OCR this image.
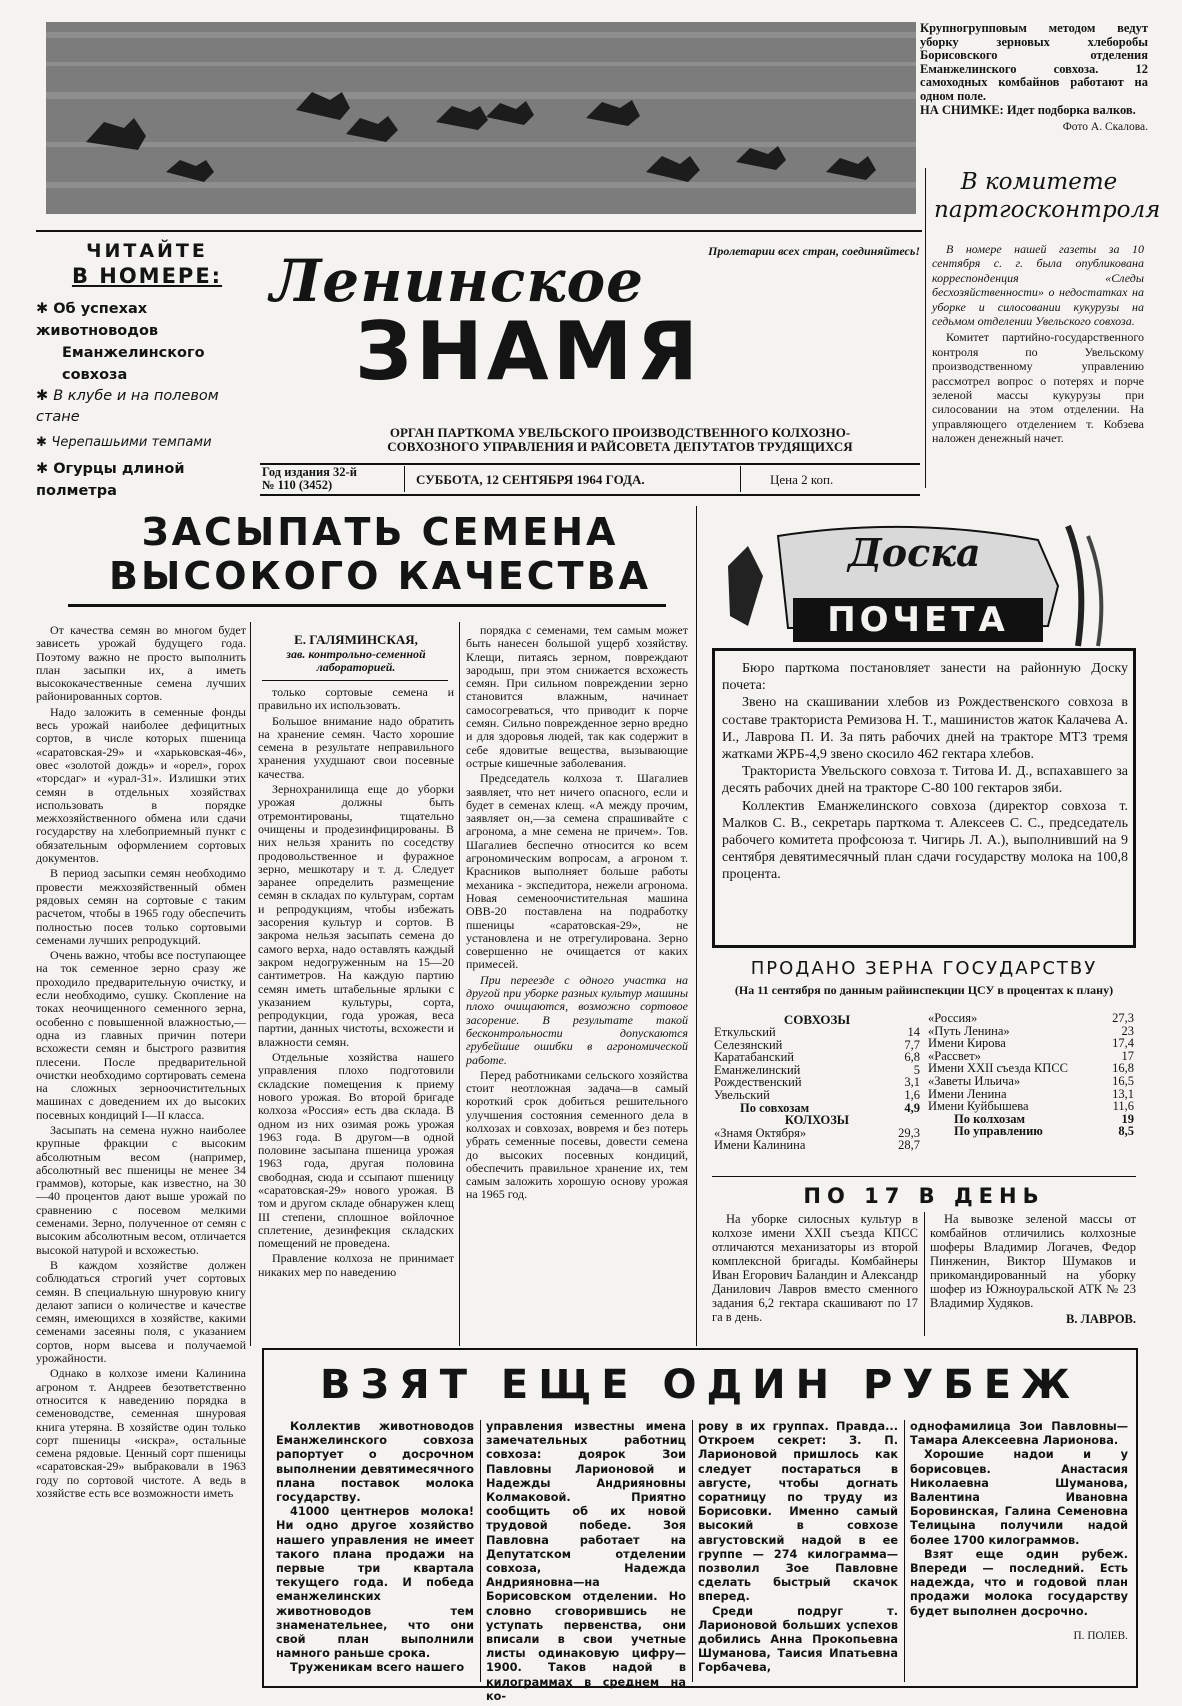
Крупногрупповым методом ведут уборку зерновых хлеборобы Борисовского отделения Еманжелинского совхоза. 12 самоходных комбайнов работают на одном поле.
НА СНИМКЕ: Идет подборка валков.
Фото А. Скалова.
В комитете
партгосконтроля

В номере нашей газеты за 10 сентября с. г. была опубликована корреспонденция «Следы бесхозяйственности» о недостатках на уборке и силосовании кукурузы на седьмом отделении Увельского совхоза.

Комитет партийно-государственного контроля по Увельскому производственному управлению рассмотрел вопрос о потерях и порче зеленой массы кукурузы при силосовании на этом отделении. На управляющего отделением т. Кобзева наложен денежный начет.

ЧИТАЙТЕ
В НОМЕРЕ:
✱ Об успехах животноводов
Еманжелинского совхоза
✱ В клубе и на полевом стане
✱ Черепашьими темпами
✱ Огурцы длиной полметра
Пролетарии всех стран, соединяйтесь!
Ленинское
ЗНАМЯ
ОРГАН ПАРТКОМА УВЕЛЬСКОГО ПРОИЗВОДСТВЕННОГО КОЛХОЗНО-
СОВХОЗНОГО УПРАВЛЕНИЯ И РАЙСОВЕТА ДЕПУТАТОВ ТРУДЯЩИХСЯ
Год издания 32-й
№ 110 (3452)	СУББОТА, 12 СЕНТЯБРЯ 1964 ГОДА.	Цена 2 коп.
ЗАСЫПАТЬ СЕМЕНА
ВЫСОКОГО КАЧЕСТВА

От качества семян во многом будет зависеть урожай будущего года. Поэтому важно не просто выполнить план засыпки их, а иметь высококачественные семена лучших районированных сортов.

Надо заложить в семенные фонды весь урожай наиболее дефицитных сортов, в числе которых пшеница «саратовская-29» и «харьковская-46», овес «золотой дождь» и «орел», горох «торсдаг» и «урал-31». Излишки этих семян в отдельных хозяйствах использовать в порядке межхозяйственного обмена или сдачи государству на хлебоприемный пункт с обязательным оформлением сортовых документов.

В период засыпки семян необходимо провести межхозяйственный обмен рядовых семян на сортовые с таким расчетом, чтобы в 1965 году обеспечить полностью посев только сортовыми семенами лучших репродукций.

Очень важно, чтобы все поступающее на ток семенное зерно сразу же проходило предварительную очистку, и если необходимо, сушку. Скопление на токах неочищенного семенного зерна, особенно с повышенной влажностью,—одна из главных причин потери всхожести семян и быстрого развития плесени. После предварительной очистки необходимо сортировать семена на сложных зерноочистительных машинах с доведением их до высоких посевных кондиций I—II класса.

Засыпать на семена нужно наиболее крупные фракции с высоким абсолютным весом (например, абсолютный вес пшеницы не менее 34 граммов), которые, как известно, на 30—40 процентов дают выше урожай по сравнению с посевом мелкими семенами. Зерно, полученное от семян с высоким абсолютным весом, отличается высокой натурой и всхожестью.

В каждом хозяйстве должен соблюдаться строгий учет сортовых семян. В специальную шнуровую книгу делают записи о количестве и качестве семян, имеющихся в хозяйстве, какими семенами засеяны поля, с указанием сортов, норм высева и получаемой урожайности.

Однако в колхозе имени Калинина агроном т. Андреев безответственно относится к наведению порядка в семеноводстве, семенная шнуровая книга утеряна. В хозяйстве один только сорт пшеницы «искра», остальные семена рядовые. Ценный сорт пшеницы «саратовская-29» выбраковали в 1963 году по сортовой чистоте. А ведь в хозяйстве есть все возможности иметь

Е. ГАЛЯМИНСКАЯ,
зав. контрольно-семенной лабораторией.

только сортовые семена и правильно их использовать.

Большое внимание надо обратить на хранение семян. Часто хорошие семена в результате неправильного хранения ухудшают свои посевные качества.

Зернохранилища еще до уборки урожая должны быть отремонтированы, тщательно очищены и продезинфицированы. В них нельзя хранить по соседству продовольственное и фуражное зерно, мешкотару и т. д. Следует заранее определить размещение семян в складах по культурам, сортам и репродукциям, чтобы избежать засорения культур и сортов. В закрома нельзя засыпать семена до самого верха, надо оставлять каждый закром недогруженным на 15—20 сантиметров. На каждую партию семян иметь штабельные ярлыки с указанием культуры, сорта, репродукции, года урожая, веса партии, данных чистоты, всхожести и влажности семян.

Отдельные хозяйства нашего управления плохо подготовили складские помещения к приему нового урожая. Во второй бригаде колхоза «Россия» есть два склада. В одном из них озимая рожь урожая 1963 года. В другом—в одной половине засыпана пшеница урожая 1963 года, другая половина свободная, сюда и ссыпают пшеницу «саратовская-29» нового урожая. В том и другом складе обнаружен клещ III степени, сплошное войлочное сплетение, дезинфекция складских помещений не проведена.

Правление колхоза не принимает никаких мер по наведению

порядка с семенами, тем самым может быть нанесен большой ущерб хозяйству. Клещи, питаясь зерном, повреждают зародыш, при этом снижается всхожесть семян. При сильном повреждении зерно становится влажным, начинает самосогреваться, что приводит к порче семян. Сильно поврежденное зерно вредно и для здоровья людей, так как содержит в себе ядовитые вещества, вызывающие острые кишечные заболевания.

Председатель колхоза т. Шагалиев заявляет, что нет ничего опасного, если и будет в семенах клещ. «А между прочим, заявляет он,—за семена спрашивайте с агронома, а мне семена не причем». Тов. Шагалиев беспечно относится ко всем агрономическим вопросам, а агроном т. Красников выполняет больше работы механика - экспедитора, нежели агронома. Новая семеноочистительная машина ОВВ-20 поставлена на подработку пшеницы «саратовская-29», не установлена и не отрегулирована. Зерно совершенно не очищается от каких примесей.

При переезде с одного участка на другой при уборке разных культур машины плохо очищаются, возможно сортовое засорение. В результате такой бесконтрольности допускаются грубейшие ошибки в агрономической работе.

Перед работниками сельского хозяйства стоит неотложная задача—в самый короткий срок добиться решительного улучшения состояния семенного дела в колхозах и совхозах, вовремя и без потерь убрать семенные посевы, довести семена до высоких посевных кондиций, обеспечить правильное хранение их, тем самым заложить хорошую основу урожая на 1965 год.

Доска
ПОЧЕТА

Бюро парткома постановляет занести на районную Доску почета:

Звено на скашивании хлебов из Рождественского совхоза в составе тракториста Ремизова Н. Т., машинистов жаток Калачева А. И., Лаврова П. И. За пять рабочих дней на тракторе МТЗ тремя жатками ЖРБ-4,9 звено скосило 462 гектара хлебов.

Тракториста Увельского совхоза т. Титова И. Д., вспахавшего за десять рабочих дней на тракторе С-80 100 гектаров зяби.

Коллектив Еманжелинского совхоза (директор совхоза т. Малков С. В., секретарь парткома т. Алексеев С. С., председатель рабочего комитета профсоюза т. Чигирь Л. А.), выполнивший на 9 сентября девятимесячный план сдачи государству молока на 100,8 процента.

ПРОДАНО ЗЕРНА ГОСУДАРСТВУ
(На 11 сентября по данным райинспекции ЦСУ в процентах к плану)
СОВХОЗЫ
Еткульский	14
Селезянский	7,7
Каратабанский	6,8
Еманжелинский	5
Рождественский	3,1
Увельский	1,6
По совхозам	4,9
КОЛХОЗЫ	
«Знамя Октября»	29,3
Имени Калинина	28,7
«Россия»	27,3
«Путь Ленина»	23
Имени Кирова	17,4
«Рассвет»	17
Имени XXII съезда КПСС	16,8
«Заветы Ильича»	16,5
Имени Ленина	13,1
Имени Куйбышева	11,6
По колхозам	19
По управлению	8,5
ПО 17 В ДЕНЬ

На уборке силосных культур в колхозе имени XXII съезда КПСС отличаются механизаторы из второй комплексной бригады. Комбайнеры Иван Егорович Баландин и Александр Данилович Лавров вместо сменного задания 6,2 гектара скашивают по 17 га в день.

На вывозке зеленой массы от комбайнов отличились колхозные шоферы Владимир Логачев, Федор Пинженин, Виктор Шумаков и прикомандированный на уборку шофер из Южноуральской АТК № 23 Владимир Худяков.

В. ЛАВРОВ.
ВЗЯТ ЕЩЕ ОДИН РУБЕЖ

Коллектив животноводов Еманжелинского совхоза рапортует о досрочном выполнении девятимесячного плана поставок молока государству.

41000 центнеров молока! Ни одно другое хозяйство нашего управления не имеет такого плана продажи на первые три квартала текущего года. И победа еманжелинских животноводов тем знаменательнее, что они свой план выполнили намного раньше срока.

Труженикам всего нашего

управления известны имена замечательных работниц совхоза: доярок Зои Павловны Ларионовой и Надежды Андрияновны Колмаковой. Приятно сообщить об их новой трудовой победе. Зоя Павловна работает на Депутатском отделении совхоза, Надежда Андрияновна—на Борисовском отделении. Но словно сговорившись не уступать первенства, они вписали в свои учетные листы одинаковую цифру—1900. Таков надой в килограммах в среднем на ко-

рову в их группах. Правда... Откроем секрет: З. П. Ларионовой пришлось как следует постараться в августе, чтобы догнать соратницу по труду из Борисовки. Именно самый высокий в совхозе августовский надой в ее группе — 274 килограмма—позволил Зое Павловне сделать быстрый скачок вперед.

Среди подруг т. Ларионовой больших успехов добились Анна Прокопьевна Шуманова, Таисия Ипатьевна Горбачева,

однофамилица Зои Павловны—Тамара Алексеевна Ларионова.

Хорошие надои и у борисовцев. Анастасия Николаевна Шуманова, Валентина Ивановна Боровинская, Галина Семеновна Телицына получили надой более 1700 килограммов.

Взят еще один рубеж. Впереди — последний. Есть надежда, что и годовой план продажи молока государству будет выполнен досрочно.

П. ПОЛЕВ.
